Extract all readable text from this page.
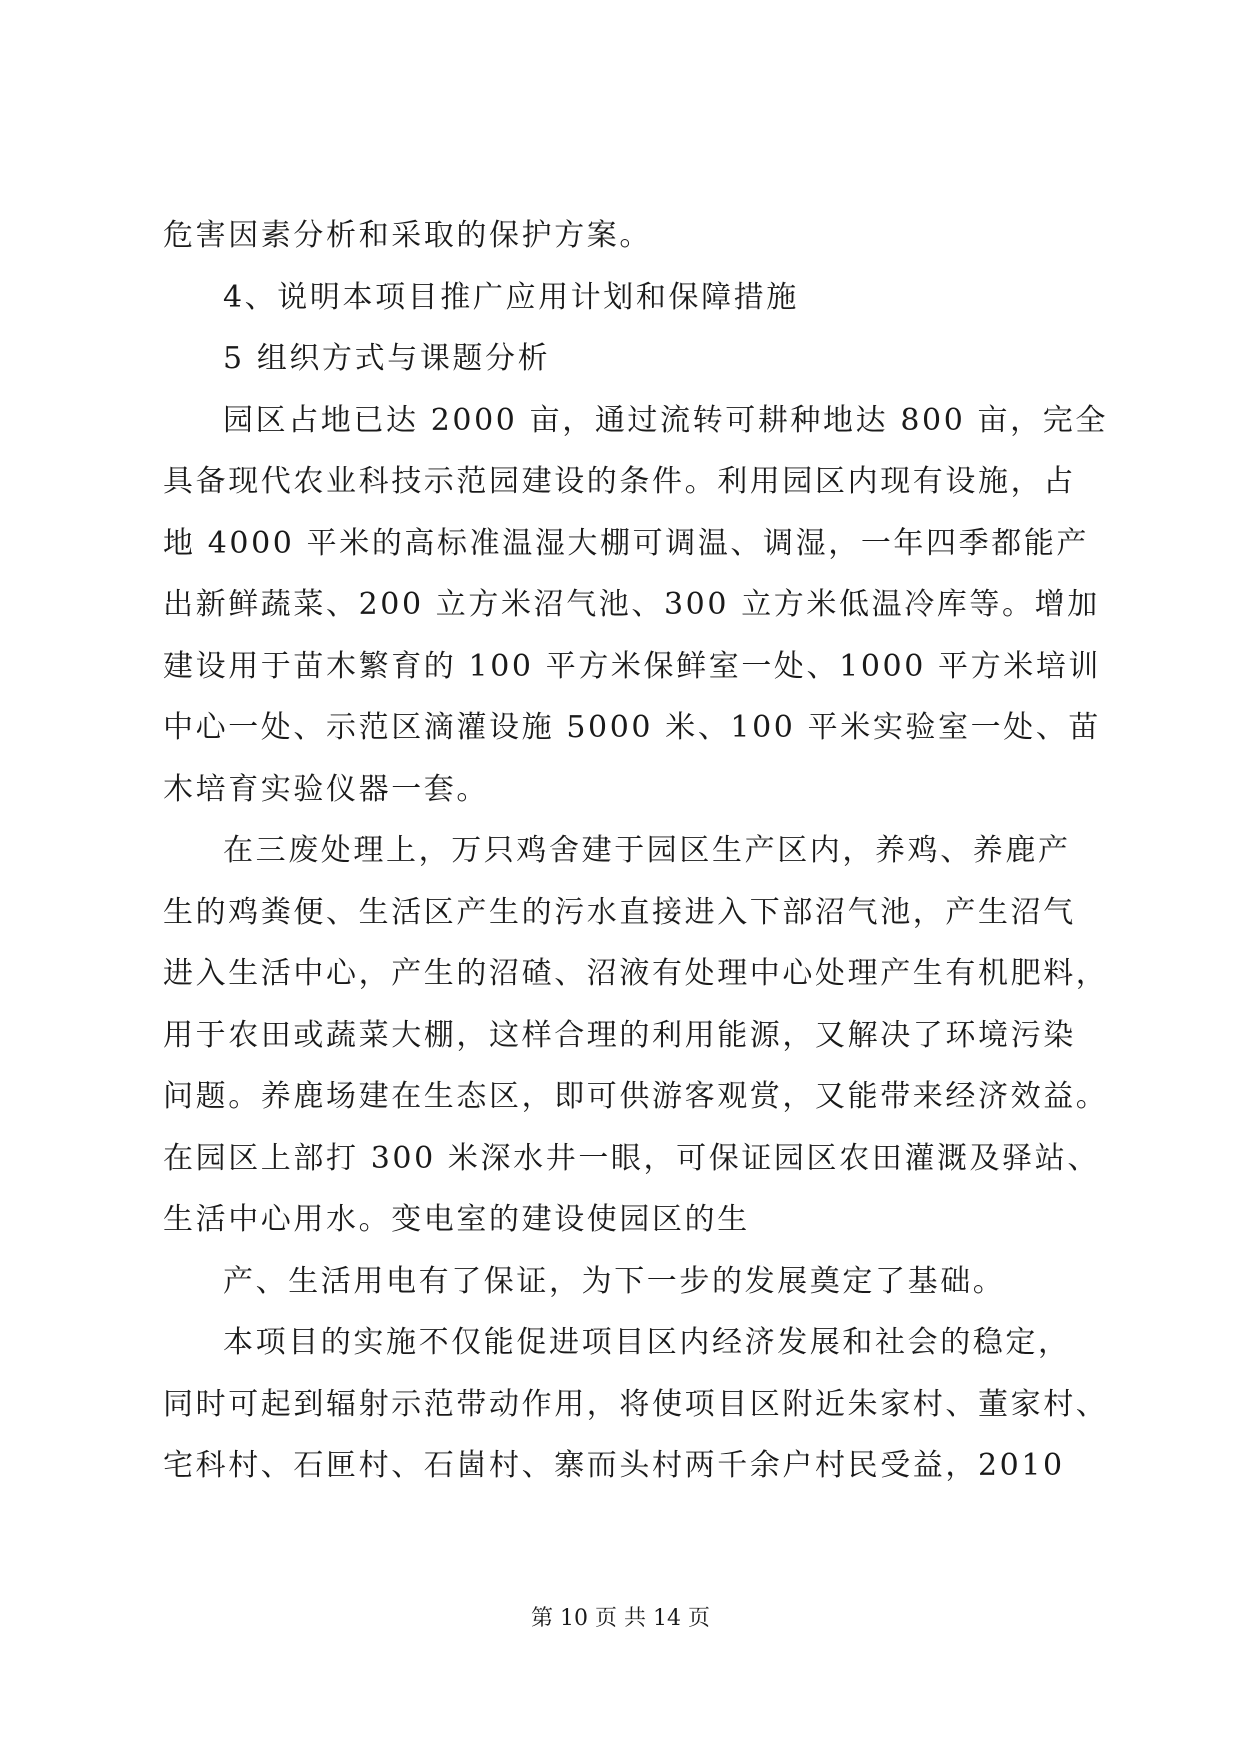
危害因素分析和采取的保护方案。
4、说明本项目推广应用计划和保障措施
5 组织方式与课题分析
园区占地已达 2000 亩，通过流转可耕种地达 800 亩，完全
具备现代农业科技示范园建设的条件。利用园区内现有设施，占
地 4000 平米的高标准温湿大棚可调温、调湿，一年四季都能产
出新鲜蔬菜、200 立方米沼气池、300 立方米低温冷库等。增加
建设用于苗木繁育的 100 平方米保鲜室一处、1000 平方米培训
中心一处、示范区滴灌设施 5000 米、100 平米实验室一处、苗
木培育实验仪器一套。
在三废处理上，万只鸡舍建于园区生产区内，养鸡、养鹿产
生的鸡粪便、生活区产生的污水直接进入下部沼气池，产生沼气
进入生活中心，产生的沼碴、沼液有处理中心处理产生有机肥料，
用于农田或蔬菜大棚，这样合理的利用能源，又解决了环境污染
问题。养鹿场建在生态区，即可供游客观赏，又能带来经济效益。
在园区上部打 300 米深水井一眼，可保证园区农田灌溉及驿站、
生活中心用水。变电室的建设使园区的生
产、生活用电有了保证，为下一步的发展奠定了基础。
本项目的实施不仅能促进项目区内经济发展和社会的稳定，
同时可起到辐射示范带动作用，将使项目区附近朱家村、董家村、
宅科村、石匣村、石崮村、寨而头村两千余户村民受益，2010
第 10 页 共 14 页
